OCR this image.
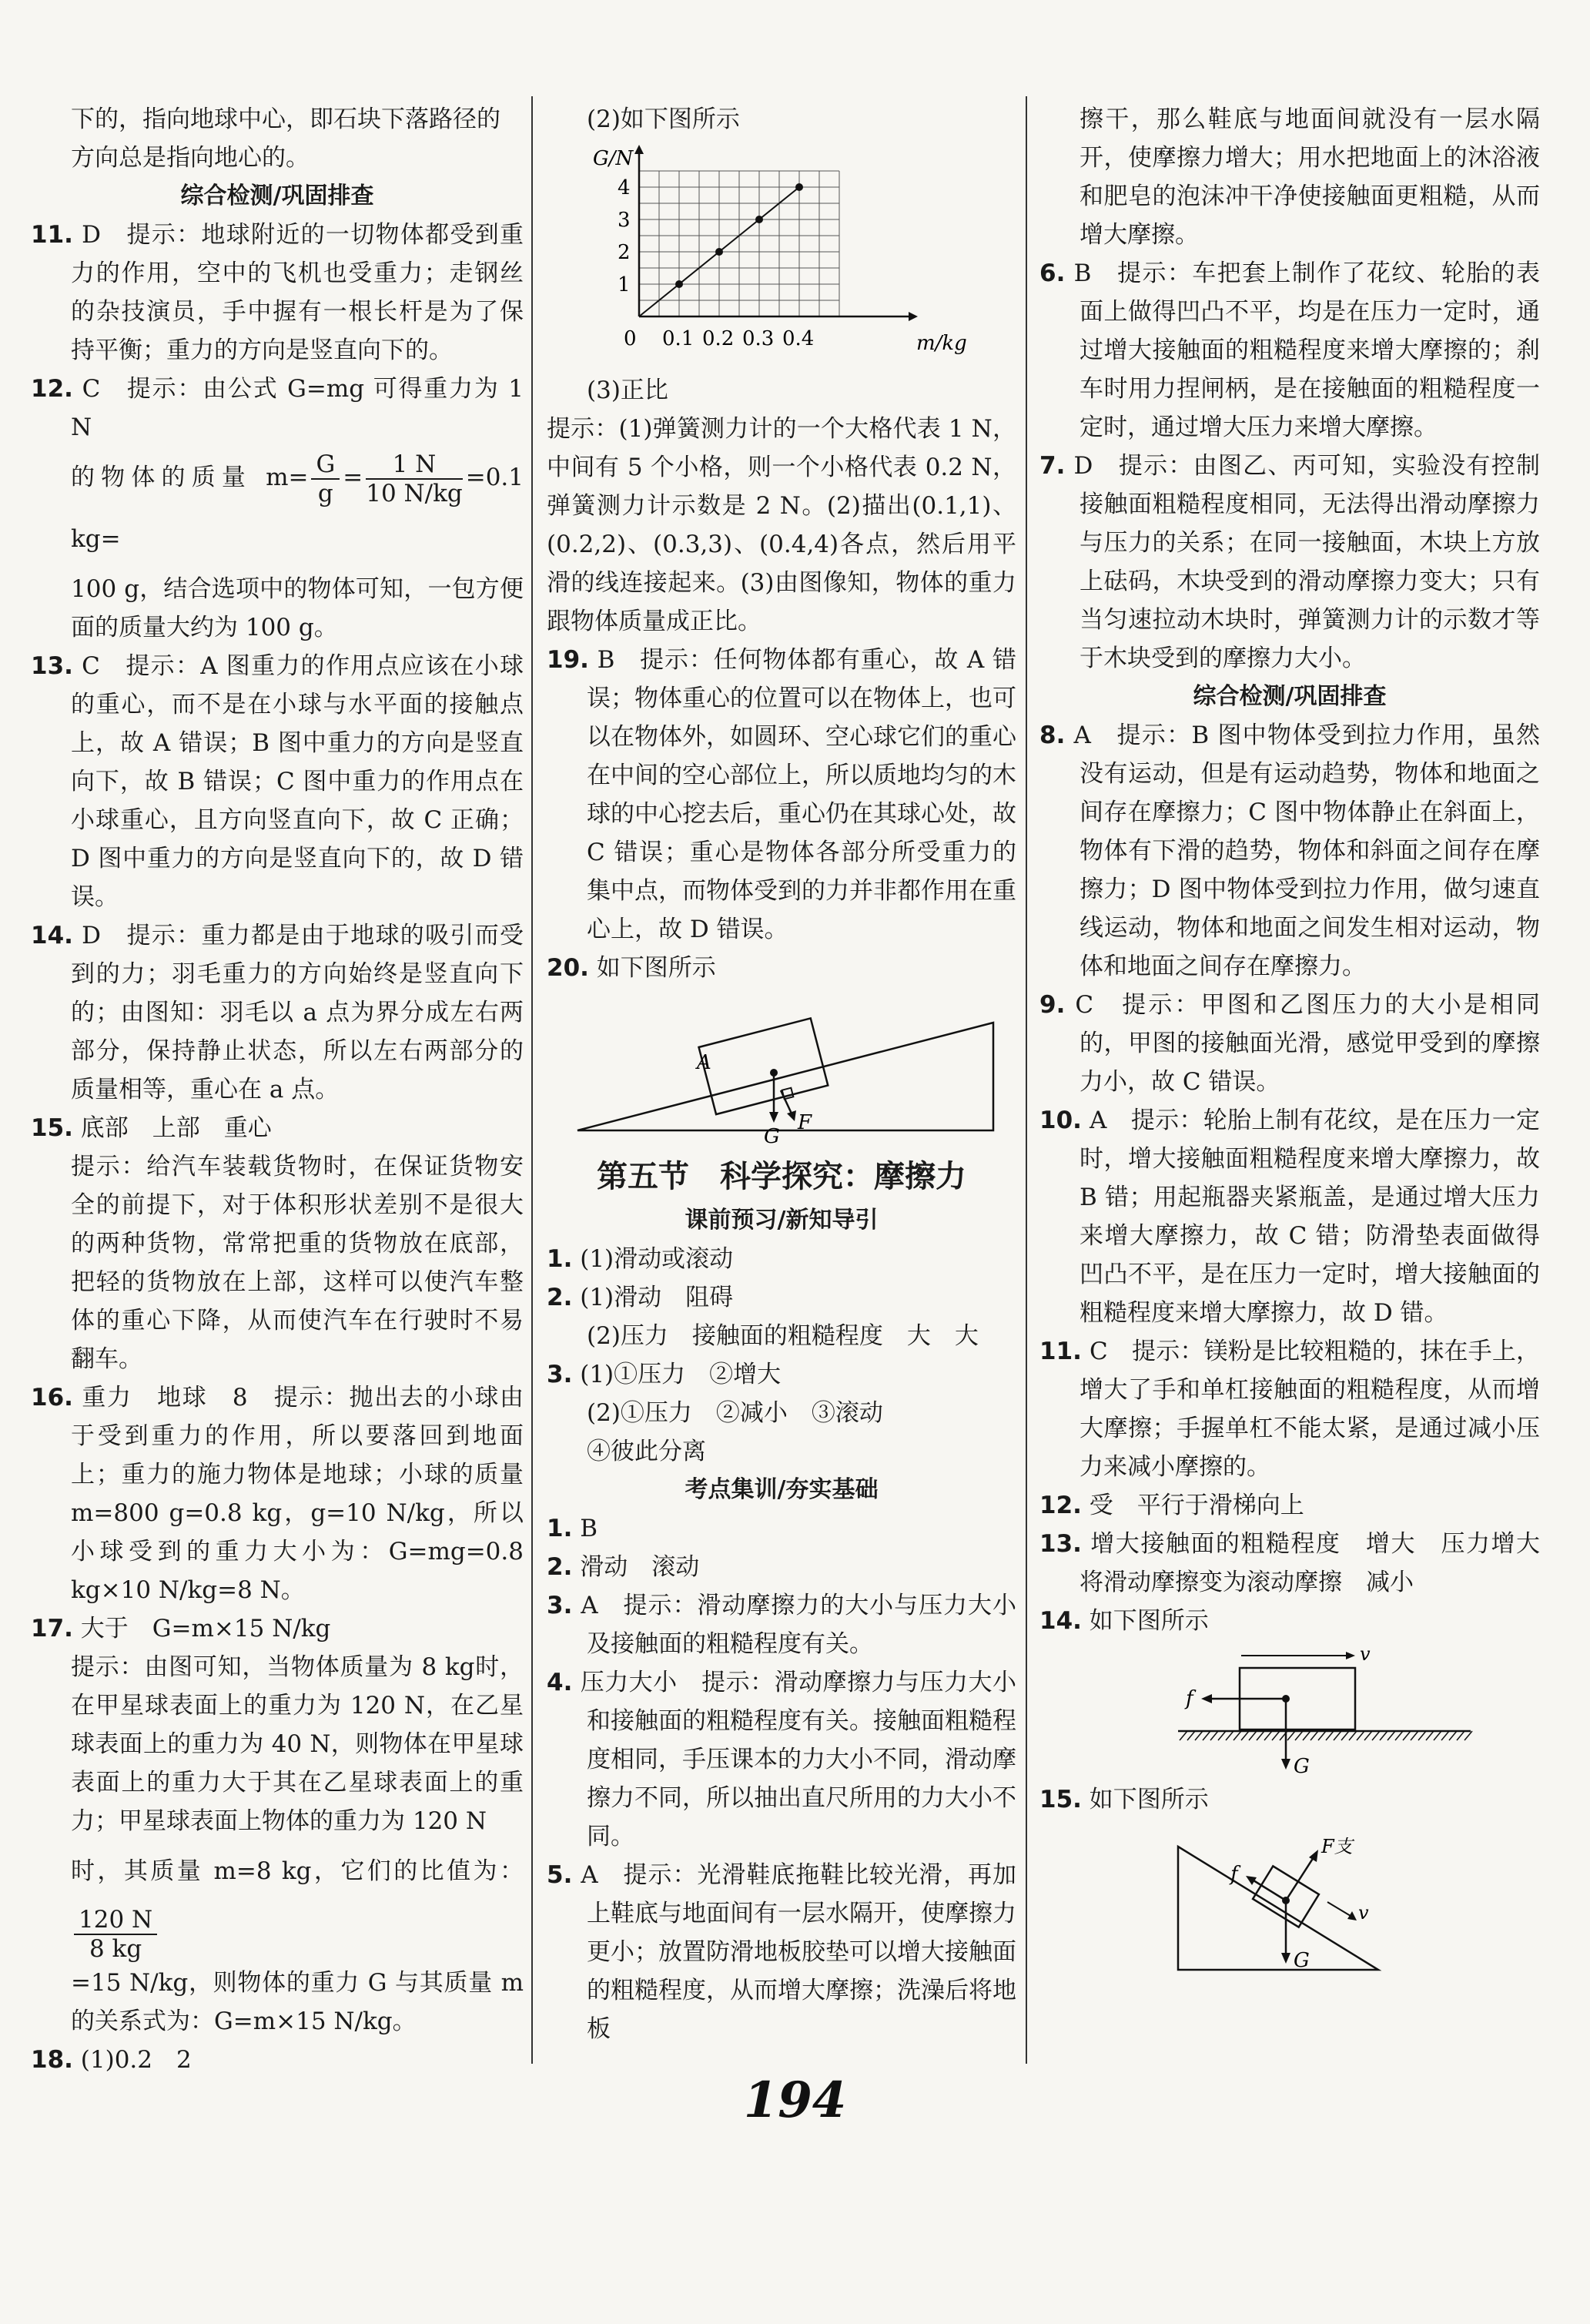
下的，指向地球中心，即石块下落路径的
方向总是指向地心的。
综合检测/巩固排查
11. D　提示：地球附近的一切物体都受到重力的作用，空中的飞机也受重力；走钢丝的杂技演员，手中握有一根长杆是为了保持平衡；重力的方向是竖直向下的。
12. C　提示：由公式 G=mg 可得重力为 1 N
的物体的质量 $m= \frac{G}{g} = \frac{1 N}{10 N/kg} =0.1$ kg=
100 g，结合选项中的物体可知，一包方便面的质量大约为 100 g。
13. C　提示：A 图重力的作用点应该在小球的重心，而不是在小球与水平面的接触点上，故 A 错误；B 图中重力的方向是竖直向下，故 B 错误；C 图中重力的作用点在小球重心，且方向竖直向下，故 C 正确；D 图中重力的方向是竖直向下的，故 D 错误。
14. D　提示：重力都是由于地球的吸引而受到的力；羽毛重力的方向始终是竖直向下的；由图知：羽毛以 a 点为界分成左右两部分，保持静止状态，所以左右两部分的质量相等，重心在 a 点。
15. 底部　上部　重心
提示：给汽车装载货物时，在保证货物安全的前提下，对于体积形状差别不是很大的两种货物，常常把重的货物放在底部，把轻的货物放在上部，这样可以使汽车整体的重心下降，从而使汽车在行驶时不易翻车。
16. 重力　地球　8　提示：抛出去的小球由于受到重力的作用，所以要落回到地面上；重力的施力物体是地球；小球的质量 m=800 g=0.8 kg，g=10 N/kg，所以小球受到的重力大小为：G=mg=0.8 kg×10 N/kg=8 N。
17. 大于　G=m×15 N/kg
提示：由图可知，当物体质量为 8 kg时，在甲星球表面上的重力为 120 N，在乙星球表面上的重力为 40 N，则物体在甲星球表面上的重力大于其在乙星球表面上的重力；甲星球表面上物体的重力为 120 N
时，其质量 m=8 kg，它们的比值为：
$\frac{120 N}{8 kg}$
=15 N/kg，则物体的重力 G 与其质量 m 的关系式为：G=m×15 N/kg。
18. (1)0.2　2
(2)如下图所示
G/N
m/kg
0 0.1 0.2 0.3 0.4
1
2
3
4
(3)正比
提示：(1)弹簧测力计的一个大格代表 1 N，中间有 5 个小格，则一个小格代表 0.2 N，弹簧测力计示数是 2 N。(2)描出(0.1,1)、(0.2,2)、(0.3,3)、(0.4,4)各点，然后用平滑的线连接起来。(3)由图像知，物体的重力跟物体质量成正比。
19. B　提示：任何物体都有重心，故 A 错误；物体重心的位置可以在物体上，也可以在物体外，如圆环、空心球它们的重心在中间的空心部位上，所以质地均匀的木球的中心挖去后，重心仍在其球心处，故 C 错误；重心是物体各部分所受重力的集中点，而物体受到的力并非都作用在重心上，故 D 错误。
20. 如下图所示
A
G
F
第五节　科学探究：摩擦力
课前预习/新知导引
1. (1)滑动或滚动
2. (1)滑动　阻碍
(2)压力　接触面的粗糙程度　大　大
3. (1)①压力　②增大
(2)①压力　②减小　③滚动
④彼此分离
考点集训/夯实基础
1. B
2. 滑动　滚动
3. A　提示：滑动摩擦力的大小与压力大小及接触面的粗糙程度有关。
4. 压力大小　提示：滑动摩擦力与压力大小和接触面的粗糙程度有关。接触面粗糙程度相同，手压课本的力大小不同，滑动摩擦力不同，所以抽出直尺所用的力大小不同。
5. A　提示：光滑鞋底拖鞋比较光滑，再加上鞋底与地面间有一层水隔开，使摩擦力更小；放置防滑地板胶垫可以增大接触面的粗糙程度，从而增大摩擦；洗澡后将地板
擦干，那么鞋底与地面间就没有一层水隔开，使摩擦力增大；用水把地面上的沐浴液和肥皂的泡沫冲干净使接触面更粗糙，从而增大摩擦。
6. B　提示：车把套上制作了花纹、轮胎的表面上做得凹凸不平，均是在压力一定时，通过增大接触面的粗糙程度来增大摩擦的；刹车时用力捏闸柄，是在接触面的粗糙程度一定时，通过增大压力来增大摩擦。
7. D　提示：由图乙、丙可知，实验没有控制接触面粗糙程度相同，无法得出滑动摩擦力与压力的关系；在同一接触面，木块上方放上砝码，木块受到的滑动摩擦力变大；只有当匀速拉动木块时，弹簧测力计的示数才等于木块受到的摩擦力大小。
综合检测/巩固排查
8. A　提示：B 图中物体受到拉力作用，虽然没有运动，但是有运动趋势，物体和地面之间存在摩擦力；C 图中物体静止在斜面上，物体有下滑的趋势，物体和斜面之间存在摩擦力；D 图中物体受到拉力作用，做匀速直线运动，物体和地面之间发生相对运动，物体和地面之间存在摩擦力。
9. C　提示：甲图和乙图压力的大小是相同的，甲图的接触面光滑，感觉甲受到的摩擦力小，故 C 错误。
10. A　提示：轮胎上制有花纹，是在压力一定时，增大接触面粗糙程度来增大摩擦力，故 B 错；用起瓶器夹紧瓶盖，是通过增大压力来增大摩擦力，故 C 错；防滑垫表面做得凹凸不平，是在压力一定时，增大接触面的粗糙程度来增大摩擦力，故 D 错。
11. C　提示：镁粉是比较粗糙的，抹在手上，增大了手和单杠接触面的粗糙程度，从而增大摩擦；手握单杠不能太紧，是通过减小压力来减小摩擦的。
12. 受　平行于滑梯向上
13. 增大接触面的粗糙程度　增大　压力增大　将滑动摩擦变为滚动摩擦　减小
14. 如下图所示
v
f
G
15. 如下图所示
F支
f
v
G
194
